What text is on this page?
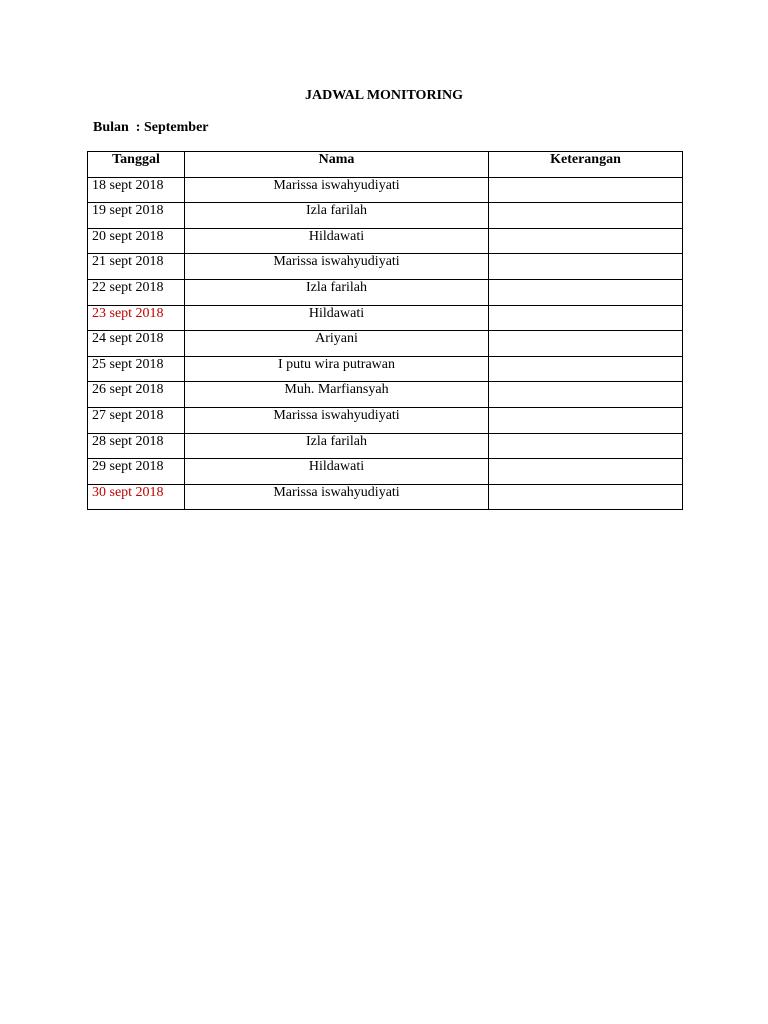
JADWAL MONITORING
Bulan  : September
Tanggal	Nama	Keterangan
18 sept 2018	Marissa iswahyudiyati	
19 sept 2018	Izla farilah	
20 sept 2018	Hildawati	
21 sept 2018	Marissa iswahyudiyati	
22 sept 2018	Izla farilah	
23 sept 2018	Hildawati	
24 sept 2018	Ariyani	
25 sept 2018	I putu wira putrawan	
26 sept 2018	Muh. Marfiansyah	
27 sept 2018	Marissa iswahyudiyati	
28 sept 2018	Izla farilah	
29 sept 2018	Hildawati	
30 sept 2018	Marissa iswahyudiyati	
